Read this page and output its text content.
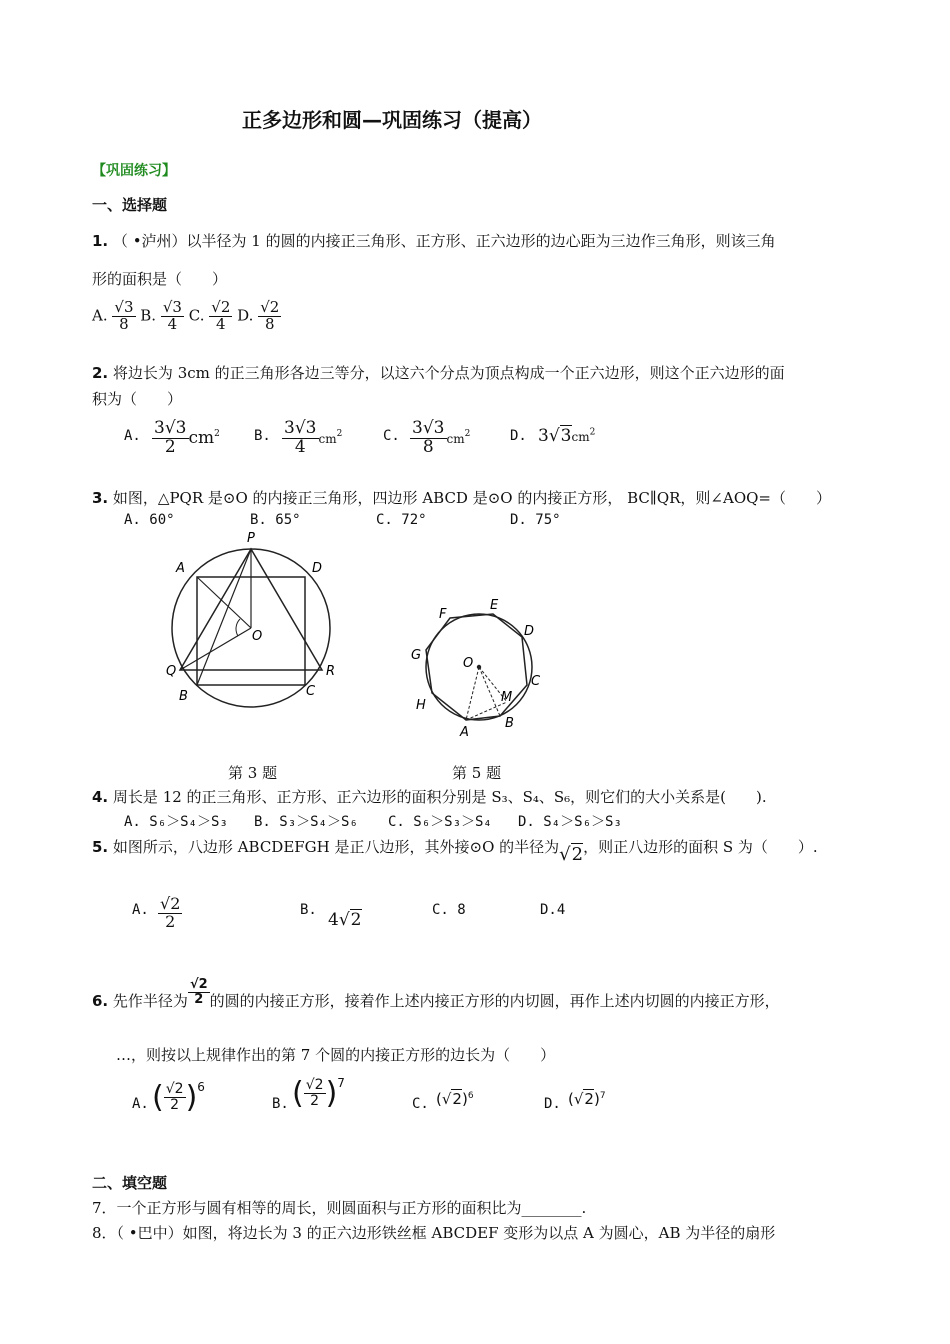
正多边形和圆—巩固练习（提高）
【巩固练习】
一、选择题
1. （ •泸州）以半径为 1 的圆的内接正三角形、正方形、正六边形的边心距为三边作三角形，则该三角
形的面积是（　　）
A. $\frac{√3}{8} B$. $\frac{√3}{4} C$. $\frac{√2}{4} D$. $\frac{√2}{8}$
2. 将边长为 3cm 的正三角形各边三等分，以这六个分点为顶点构成一个正六边形，则这个正六边形的面
积为（　　）
A. $\frac{3√3}{2} cm^2$ B. $\frac{3√3}{4} cm^2$	C. $\frac{3√3}{8} cm^2$	D. $3√3cm^2$
3. 如图，△PQR 是⊙O 的内接正三角形，四边形 ABCD 是⊙O 的内接正方形， BC∥QR，则∠AOQ=（　　）
A. 60°	B. 65°	C. 72°	D. 75°
P
A	D
O
Q	R
B	C
E
F
D
G
O
C
M
H
B
A
第 3 题	第 5 题
4. 周长是 12 的正三角形、正方形、正六边形的面积分别是 S₃、S₄、S₆，则它们的大小关系是(　　).
A. S₆＞S₄＞S₃ B. S₃＞S₄＞S₆ C. S₆＞S₃＞S₄ D. S₄＞S₆＞S₃
5. 如图所示，八边形 ABCDEFGH 是正八边形，其外接⊙O 的半径为√2，则正八边形的面积 S 为（　　）.
A. $\frac{√2}{2}$	B. 4√2	C. 8	D.4
6. 先作半径为 $\frac{√2}{2}$ 的圆的内接正方形，接着作上述内接正方形的内切圆，再作上述内切圆的内接正方形，
…，则按以上规律作出的第 7 个圆的内接正方形的边长为（　　）
A. ( $\frac{√2}{2} )^6$
B. ( $\frac{√2}{2} )^7$
C. $(√2)^6$	D. $(√2)^7$
二、填空题
7．一个正方形与圆有相等的周长，则圆面积与正方形的面积比为________.
8．（ •巴中）如图，将边长为 3 的正六边形铁丝框 ABCDEF 变形为以点 A 为圆心，AB 为半径的扇形
